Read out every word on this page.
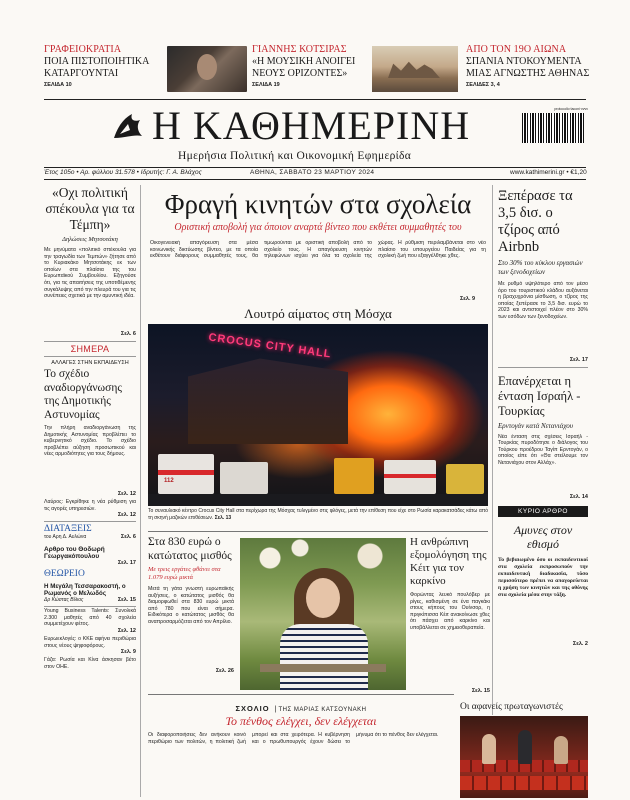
ΓΡΑΦΕΙΟΚΡΑΤΙΑ
ΠΟΙΑ ΠΙΣΤΟΠΟΙΗΤΙΚΑ ΚΑΤΑΡΓΟΥΝΤΑΙ
ΣΕΛΙΔΑ 10
ΓΙΑΝΝΗΣ ΚΟΤΣΙΡΑΣ
«Η ΜΟΥΣΙΚΗ ΑΝΟΙΓΕΙ ΝΕΟΥΣ ΟΡΙΖΟΝΤΕΣ»
ΣΕΛΙΔΑ 19
ΑΠΟ ΤΟΝ 19Ο ΑΙΩΝΑ
ΣΠΑΝΙΑ ΝΤΟΚΟΥΜΕΝΤΑ ΜΙΑΣ ΑΓΝΩΣΤΗΣ ΑΘΗΝΑΣ
ΣΕΛΙΔΕΣ 3, 4
Η ΚΑΘΗΜΕΡΙΝΗ
Ημερήσια Πολιτική και Οικονομική Εφημερίδα
protocollo·laconi·vvvv
Έτος 105ο • Αρ. φύλλου 31.578 • Ιδρυτής: Γ. Α. Βλάχος	ΑΘΗΝΑ, ΣΑΒΒΑΤΟ 23 ΜΑΡΤΙΟΥ 2024	www.kathimerini.gr • €1,20
«Οχι πολιτική σπέκουλα για τα Τέμπη»
Δηλώσεις Μητσοτάκη
Με μηνύματα «πολιτικό σπέκουλα για την τραγωδία των Τεμπών» ζήτησε από το Κυριακάκο Μητσοτάκης εκ των οποίων στα πλαίσια της του Ευρωπαϊκού Συμβουλίου. Εξηγούσε ότι, για τις απαιτήσεις της υποτιθέμενης συγκάλυψης από την πλευρά του για τις συνέπειες σχετικά με την αμυντική ιδέα.
Σελ. 6
ΣΗΜΕΡΑ
ΑΛΛΑΓΕΣ ΣΤΗΝ ΕΚΠΑΙΔΕΥΣΗ
Το σχέδιο αναδιοργάνωσης της Δημοτικής Αστυνομίας
Την πλήρη αναδιοργάνωση της Δημοτικής Αστυνομίας προβλέπει το κυβερνητικό σχέδιο. Το σχέδιο προβλέπει αύξηση προσωπικού και νέες αρμοδιότητες για τους δήμους.
Σελ. 12
Λαύρος: Εγκρίθηκε η νέα ρύθμιση για τις αγορές υπηρεσιών.
Σελ. 12
ΔΙΑΤΑΞΕΙΣ
του Αρη Δ. Αυλώνα	Σελ. 6
Αρθρο του Θοδωρή Γεωργακόπουλου
Σελ. 17
ΘΕΩΡΕΙΟ
Η Μεγάλη Τεσσαρακοστή, ο Ρωμανός ο Μελωδός
Δρ Κώστας Βίλιος	Σελ. 15
Young Business Talents: Συνολικά 2.300 μαθητές από 40 σχολεία συμμετέχουν φέτος.
Σελ. 12
Ευρωεκλογές: ο ΚΚΕ αφήνει περιθώρια στους νέους ψηφοφόρους.
Σελ. 9
Γάζα: Ρωσία και Κίνα άσκησαν βέτο στον ΟΗΕ.
Φραγή κινητών στα σχολεία
Οριστική αποβολή για όποιον αναρτά βίντεο που εκθέτει συμμαθητές του
Οικογενειακή απαγόρευση στα μέσα κοινωνικής δικτύωσης βίντεο, με τα οποία εκθέτουν διάφορους συμμαθητές τους, θα τιμωρούνται με οριστική αποβολή από το σχολείο τους. Η απαγόρευση κινητών τηλεφώνων ισχύει για όλα τα σχολεία της χώρας. Η ρύθμιση περιλαμβάνεται στο νέο πλαίσιο του υπουργείου Παιδείας για τη σχολική ζωή που εξαγγέλθηκε χθες.
Σελ. 9
Λουτρό αίματος στη Μόσχα
CROCUS CITY HALL
112
Το συναυλιακό κέντρο Crocus City Hall στα περίχωρα της Μόσχας τυλιγμένο στις φλόγες, μετά την επίθεση που είχε στο Ρωσία καρακατσάδες κάτω από τη σκηνή μαζικών επιθέσεων. Σελ. 13
Ξεπέρασε τα 3,5 δισ. ο τζίρος από Airbnb
Στο 30% του κύκλου εργασιών των ξενοδοχείων
Με ρυθμό υψηλότερο από τον μέσο όρο του τουριστικού κλάδου αυξάνεται η βραχυχρόνια μίσθωση, ο τζίρος της οποίας ξεπέρασε το 3,5 δισ. ευρώ το 2023 και αντιστοιχεί πλέον στο 30% των εσόδων των ξενοδοχείων.
Σελ. 17
Επανέρχεται η ένταση Ισραήλ - Τουρκίας
Ερντογάν κατά Νετανιάχου
Νέα ένταση στις σχέσεις Ισραήλ - Τουρκίας πυροδότησε ο διάλογος του Τούρκου προέδρου Ταγίπ Ερντογάν, ο οποίος είπε ότι «Θα στείλουμε τον Νετανιάχου στον Αλλάχ».
Σελ. 14
ΚΥΡΙΟ ΑΡΘΡΟ
Αμυνες στον εθισμό
Το βεβαιωμένο όσο οι εκπαιδευτικοί στα σχολεία εκπροσωπούν την εκπαιδευτική διαδικασία, τόσο περισσότερο πρέπει να απαγορεύεται η χρήση των κινητών και της οθόνης στα σχολεία μέσα στην τάξη.
Σελ. 2
Στα 830 ευρώ ο κατώτατος μισθός
Με τρεις εργάτες φθάνει στα 1.079 ευρώ μικτά
Μετά τη γάτα γνωστή ευρωπαϊκής αυξήσεις, ο κατώτατος μισθός θα διαμορφωθεί στα 830 ευρώ μικτά από 780 που είναι σήμερα. Ειδικότερα ο κατώτατος μισθός θα αναπροσαρμόζεται από τον Απρίλιο.
Σελ. 26
Η ανθρώπινη εξομολόγηση της Κέιτ για τον καρκίνο
Φορώντας λευκό πουλόβερ με ρίγες, καθισμένη σε ένα παγκάκι στους κήπους του Ουίνσορ, η πριγκίπισσα Κέιτ ανακοίνωσε χθες ότι πάσχει από καρκίνο και υποβάλλεται σε χημειοθεραπεία.
Σελ. 15
ΣΧΟΛΙΟ | ΤΗΣ ΜΑΡΙΑΣ ΚΑΤΣΟΥΝΑΚΗ
Το πένθος ελέγχει, δεν ελέγχεται
Οι διαφοροποιήσεις δεν ανήκουν κοινό περιθώριο των πολιτών, η πολιτική ζωή μπορεί και στα χειρότερα. Η κυβέρνηση και ο πρωθυπουργός έχουν δώσει το μήνυμα ότι το πένθος δεν ελέγχεται.
Οι αφανείς πρωταγωνιστές
